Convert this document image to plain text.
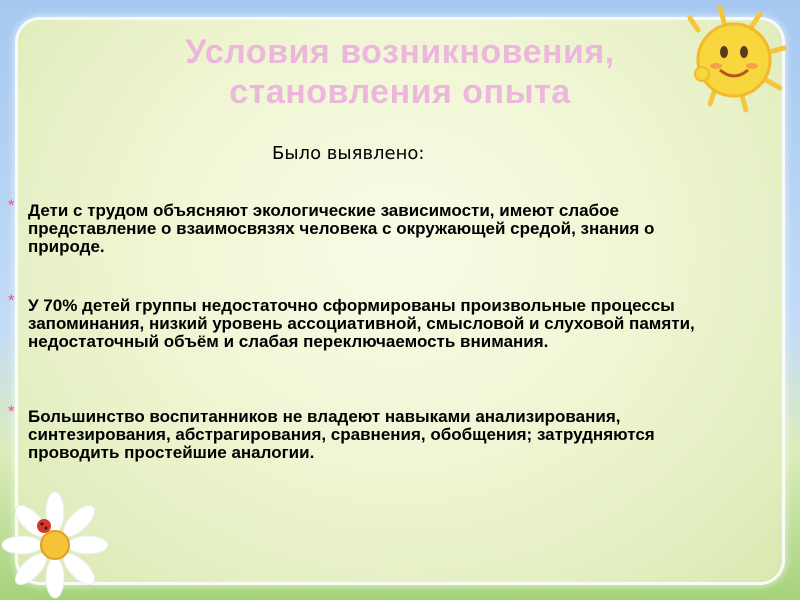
Условия возникновения,
становления опыта
Было выявлено:
* Дети с трудом объясняют экологические зависимости, имеют слабое представление о взаимосвязях человека с окружающей средой, знания о природе.
* У 70% детей группы недостаточно сформированы произвольные процессы запоминания, низкий уровень ассоциативной, смысловой и слуховой памяти, недостаточный объём и слабая переключаемость внимания.
* Большинство воспитанников не владеют навыками анализирования, синтезирования, абстрагирования, сравнения, обобщения; затрудняются проводить простейшие аналогии.
